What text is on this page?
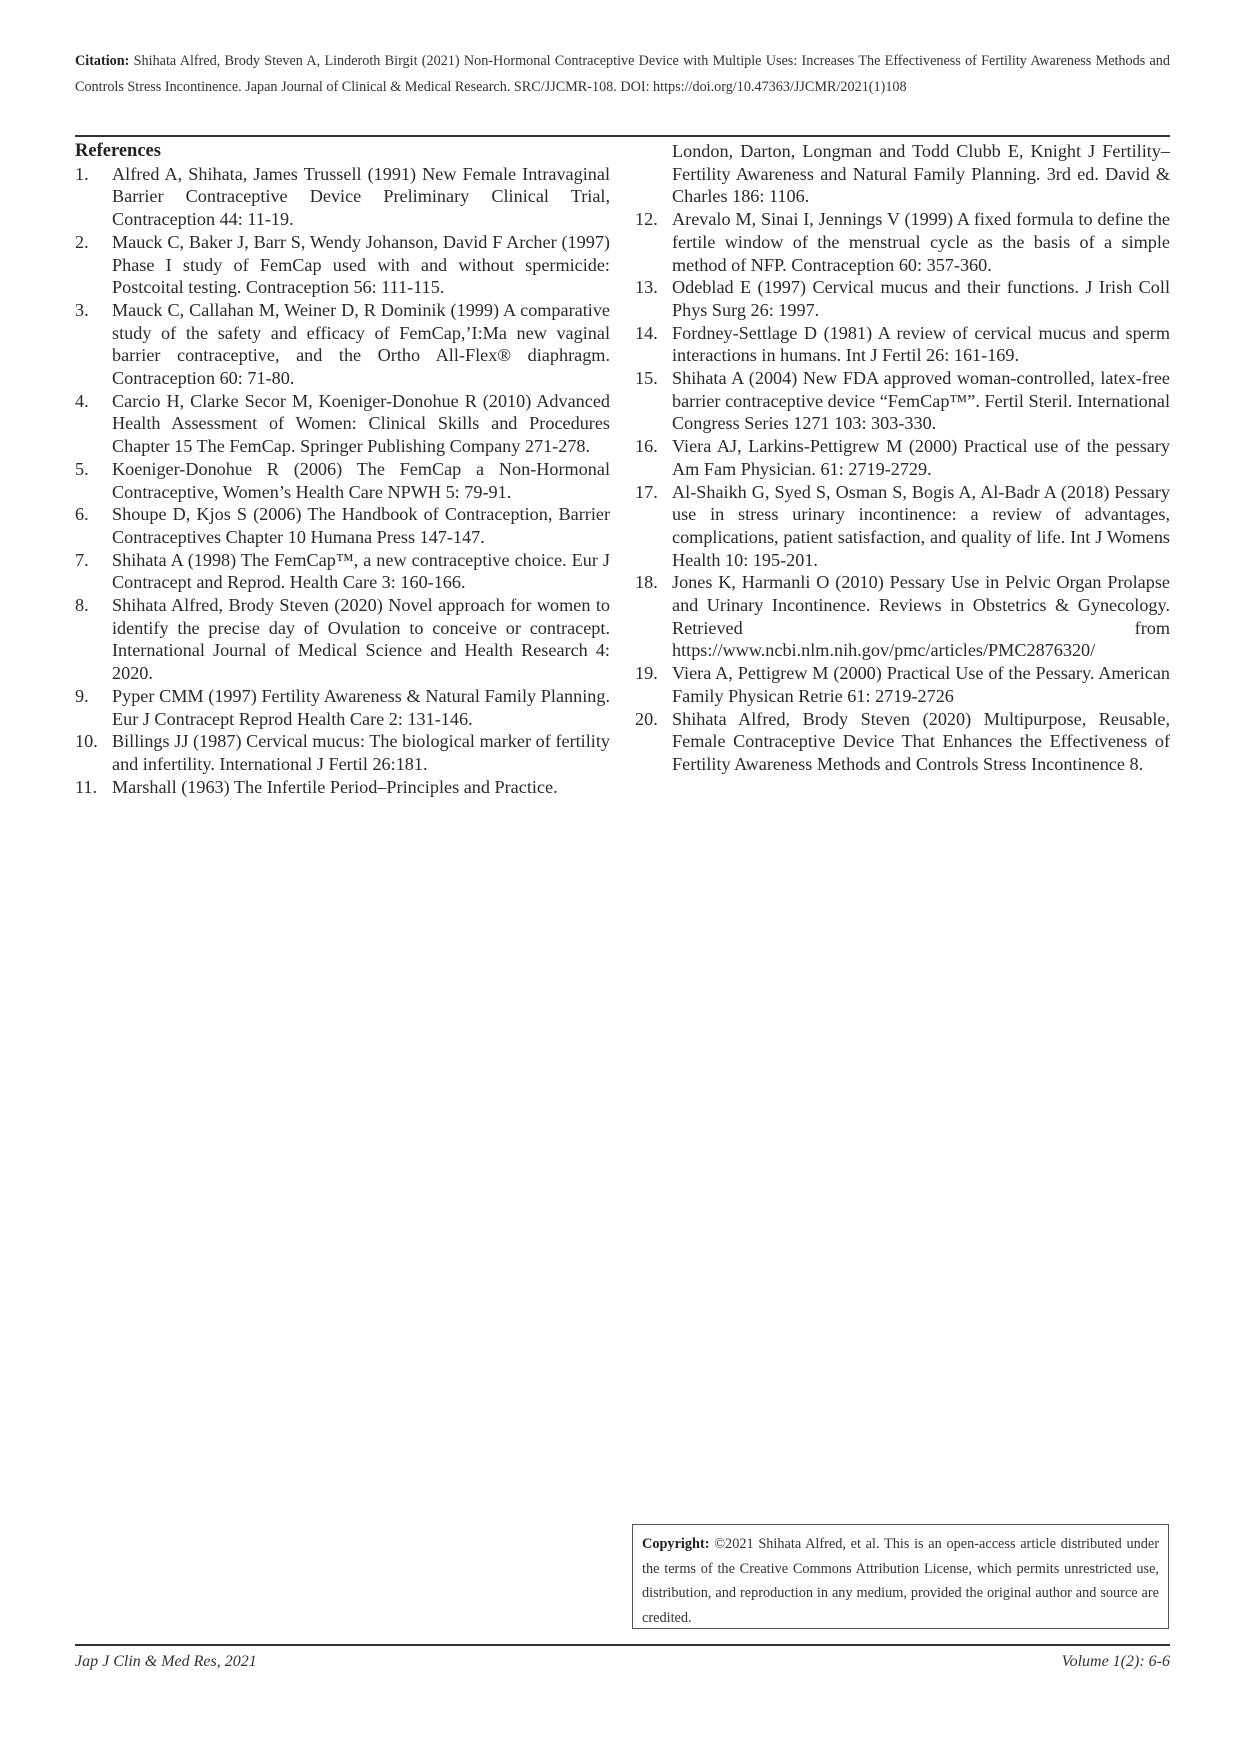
Citation: Shihata Alfred, Brody Steven A, Linderoth Birgit (2021) Non-Hormonal Contraceptive Device with Multiple Uses: Increases The Effectiveness of Fertility Awareness Methods and Controls Stress Incontinence. Japan Journal of Clinical & Medical Research. SRC/JJCMR-108. DOI: https://doi.org/10.47363/JJCMR/2021(1)108
References
1.	Alfred A, Shihata, James Trussell (1991) New Female Intravaginal Barrier Contraceptive Device Preliminary Clinical Trial, Contraception 44: 11-19.
2.	Mauck C, Baker J, Barr S, Wendy Johanson, David F Archer (1997) Phase I study of FemCap used with and without spermicide: Postcoital testing. Contraception 56: 111-115.
3.	Mauck C, Callahan M, Weiner D, R Dominik (1999) A comparative study of the safety and efficacy of FemCap,’I:Ma new vaginal barrier contraceptive, and the Ortho All-Flex® diaphragm. Contraception 60: 71-80.
4.	Carcio H, Clarke Secor M, Koeniger-Donohue R (2010) Advanced Health Assessment of Women: Clinical Skills and Procedures Chapter 15 The FemCap. Springer Publishing Company 271-278.
5.	Koeniger-Donohue R (2006) The FemCap a Non-Hormonal Contraceptive, Women’s Health Care NPWH 5: 79-91.
6.	Shoupe D, Kjos S (2006) The Handbook of Contraception, Barrier Contraceptives Chapter 10 Humana Press 147-147.
7.	Shihata A (1998) The FemCap™, a new contraceptive choice. Eur J Contracept and Reprod. Health Care 3: 160-166.
8.	Shihata Alfred, Brody Steven (2020) Novel approach for women to identify the precise day of Ovulation to conceive or contracept. International Journal of Medical Science and Health Research 4: 2020.
9.	Pyper CMM (1997) Fertility Awareness & Natural Family Planning. Eur J Contracept Reprod Health Care 2: 131-146.
10. Billings JJ (1987) Cervical mucus: The biological marker of fertility and infertility. International J Fertil 26:181.
11. Marshall (1963) The Infertile Period–Principles and Practice.
London, Darton, Longman and Todd Clubb E, Knight J Fertility–Fertility Awareness and Natural Family Planning. 3rd ed. David & Charles 186: 1106.
12. Arevalo M, Sinai I, Jennings V (1999) A fixed formula to define the fertile window of the menstrual cycle as the basis of a simple method of NFP. Contraception 60: 357-360.
13. Odeblad E (1997) Cervical mucus and their functions. J Irish Coll Phys Surg 26: 1997.
14. Fordney-Settlage D (1981) A review of cervical mucus and sperm interactions in humans. Int J Fertil 26: 161-169.
15. Shihata A (2004) New FDA approved woman-controlled, latex-free barrier contraceptive device “FemCap™”. Fertil Steril. International Congress Series 1271 103: 303-330.
16. Viera AJ, Larkins-Pettigrew M (2000) Practical use of the pessary Am Fam Physician. 61: 2719-2729.
17. Al-Shaikh G, Syed S, Osman S, Bogis A, Al-Badr A (2018) Pessary use in stress urinary incontinence: a review of advantages, complications, patient satisfaction, and quality of life. Int J Womens Health 10: 195-201.
18. Jones K, Harmanli O (2010) Pessary Use in Pelvic Organ Prolapse and Urinary Incontinence. Reviews in Obstetrics & Gynecology. Retrieved from https://www.ncbi.nlm.nih.gov/pmc/articles/PMC2876320/
19. Viera A, Pettigrew M (2000) Practical Use of the Pessary. American Family Physican Retrie 61: 2719-2726
20. Shihata Alfred, Brody Steven (2020) Multipurpose, Reusable, Female Contraceptive Device That Enhances the Effectiveness of Fertility Awareness Methods and Controls Stress Incontinence 8.
Copyright: ©2021 Shihata Alfred, et al. This is an open-access article distributed under the terms of the Creative Commons Attribution License, which permits unrestricted use, distribution, and reproduction in any medium, provided the original author and source are credited.
Jap J Clin & Med Res, 2021	Volume 1(2): 6-6
